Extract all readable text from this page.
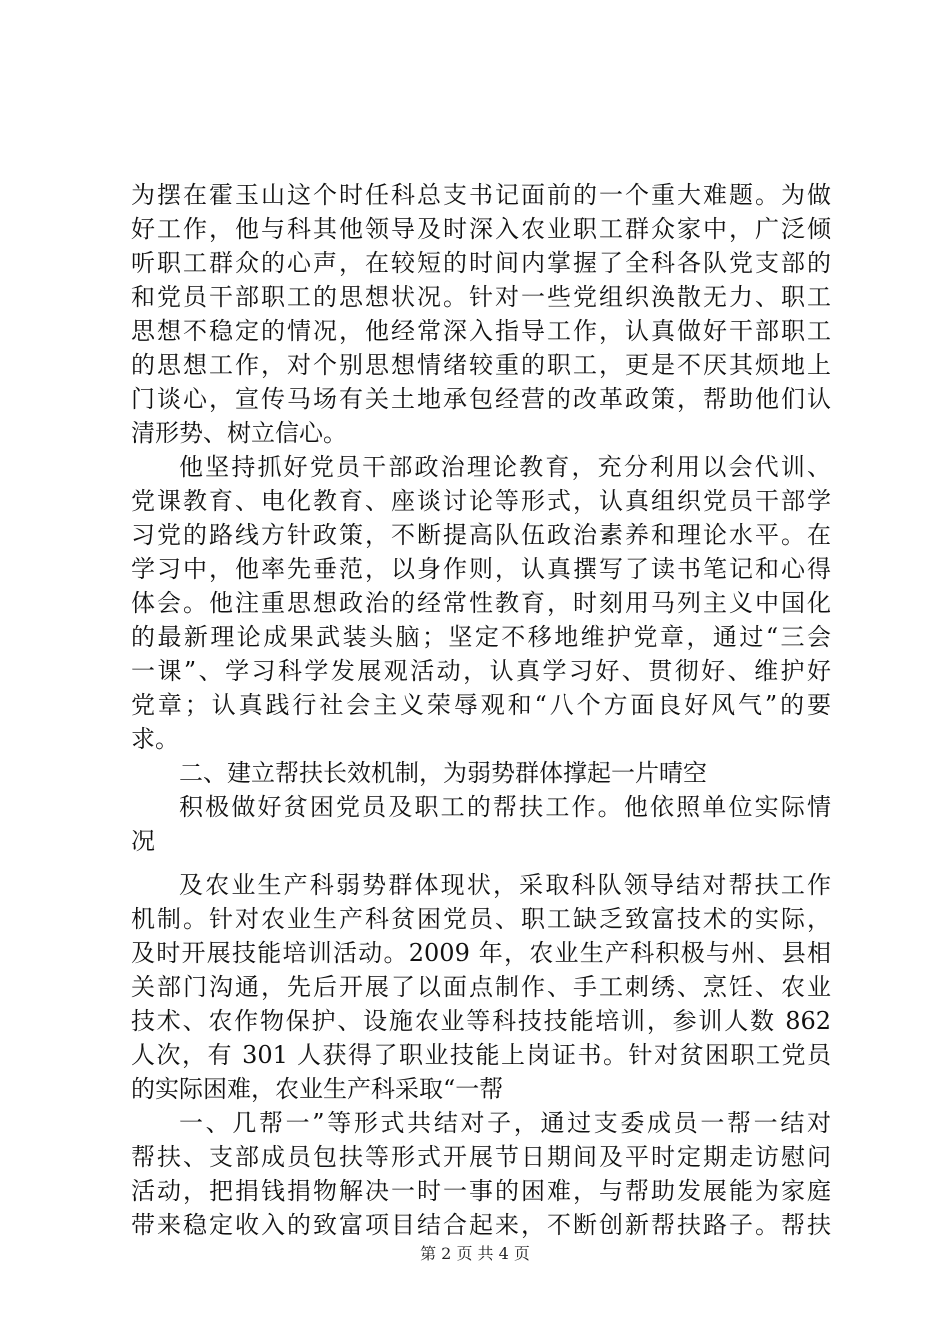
为摆在霍玉山这个时任科总支书记面前的一个重大难题。为做
好工作，他与科其他领导及时深入农业职工群众家中，广泛倾
听职工群众的心声，在较短的时间内掌握了全科各队党支部的
和党员干部职工的思想状况。针对一些党组织涣散无力、职工
思想不稳定的情况，他经常深入指导工作，认真做好干部职工
的思想工作，对个别思想情绪较重的职工，更是不厌其烦地上
门谈心，宣传马场有关土地承包经营的改革政策，帮助他们认
清形势、树立信心。
他坚持抓好党员干部政治理论教育，充分利用以会代训、
党课教育、电化教育、座谈讨论等形式，认真组织党员干部学
习党的路线方针政策，不断提高队伍政治素养和理论水平。在
学习中，他率先垂范，以身作则，认真撰写了读书笔记和心得
体会。他注重思想政治的经常性教育，时刻用马列主义中国化
的最新理论成果武装头脑；坚定不移地维护党章，通过“三会
一课”、学习科学发展观活动，认真学习好、贯彻好、维护好
党章；认真践行社会主义荣辱观和“八个方面良好风气”的要
求。
二、建立帮扶长效机制，为弱势群体撑起一片晴空
积极做好贫困党员及职工的帮扶工作。他依照单位实际情
况
及农业生产科弱势群体现状，采取科队领导结对帮扶工作
机制。针对农业生产科贫困党员、职工缺乏致富技术的实际，
及时开展技能培训活动。2009 年，农业生产科积极与州、县相
关部门沟通，先后开展了以面点制作、手工刺绣、烹饪、农业
技术、农作物保护、设施农业等科技技能培训，参训人数 862
人次，有 301 人获得了职业技能上岗证书。针对贫困职工党员
的实际困难，农业生产科采取“一帮
一、几帮一”等形式共结对子，通过支委成员一帮一结对
帮扶、支部成员包扶等形式开展节日期间及平时定期走访慰问
活动，把捐钱捐物解决一时一事的困难，与帮助发展能为家庭
带来稳定收入的致富项目结合起来，不断创新帮扶路子。帮扶
第 2 页 共 4 页
